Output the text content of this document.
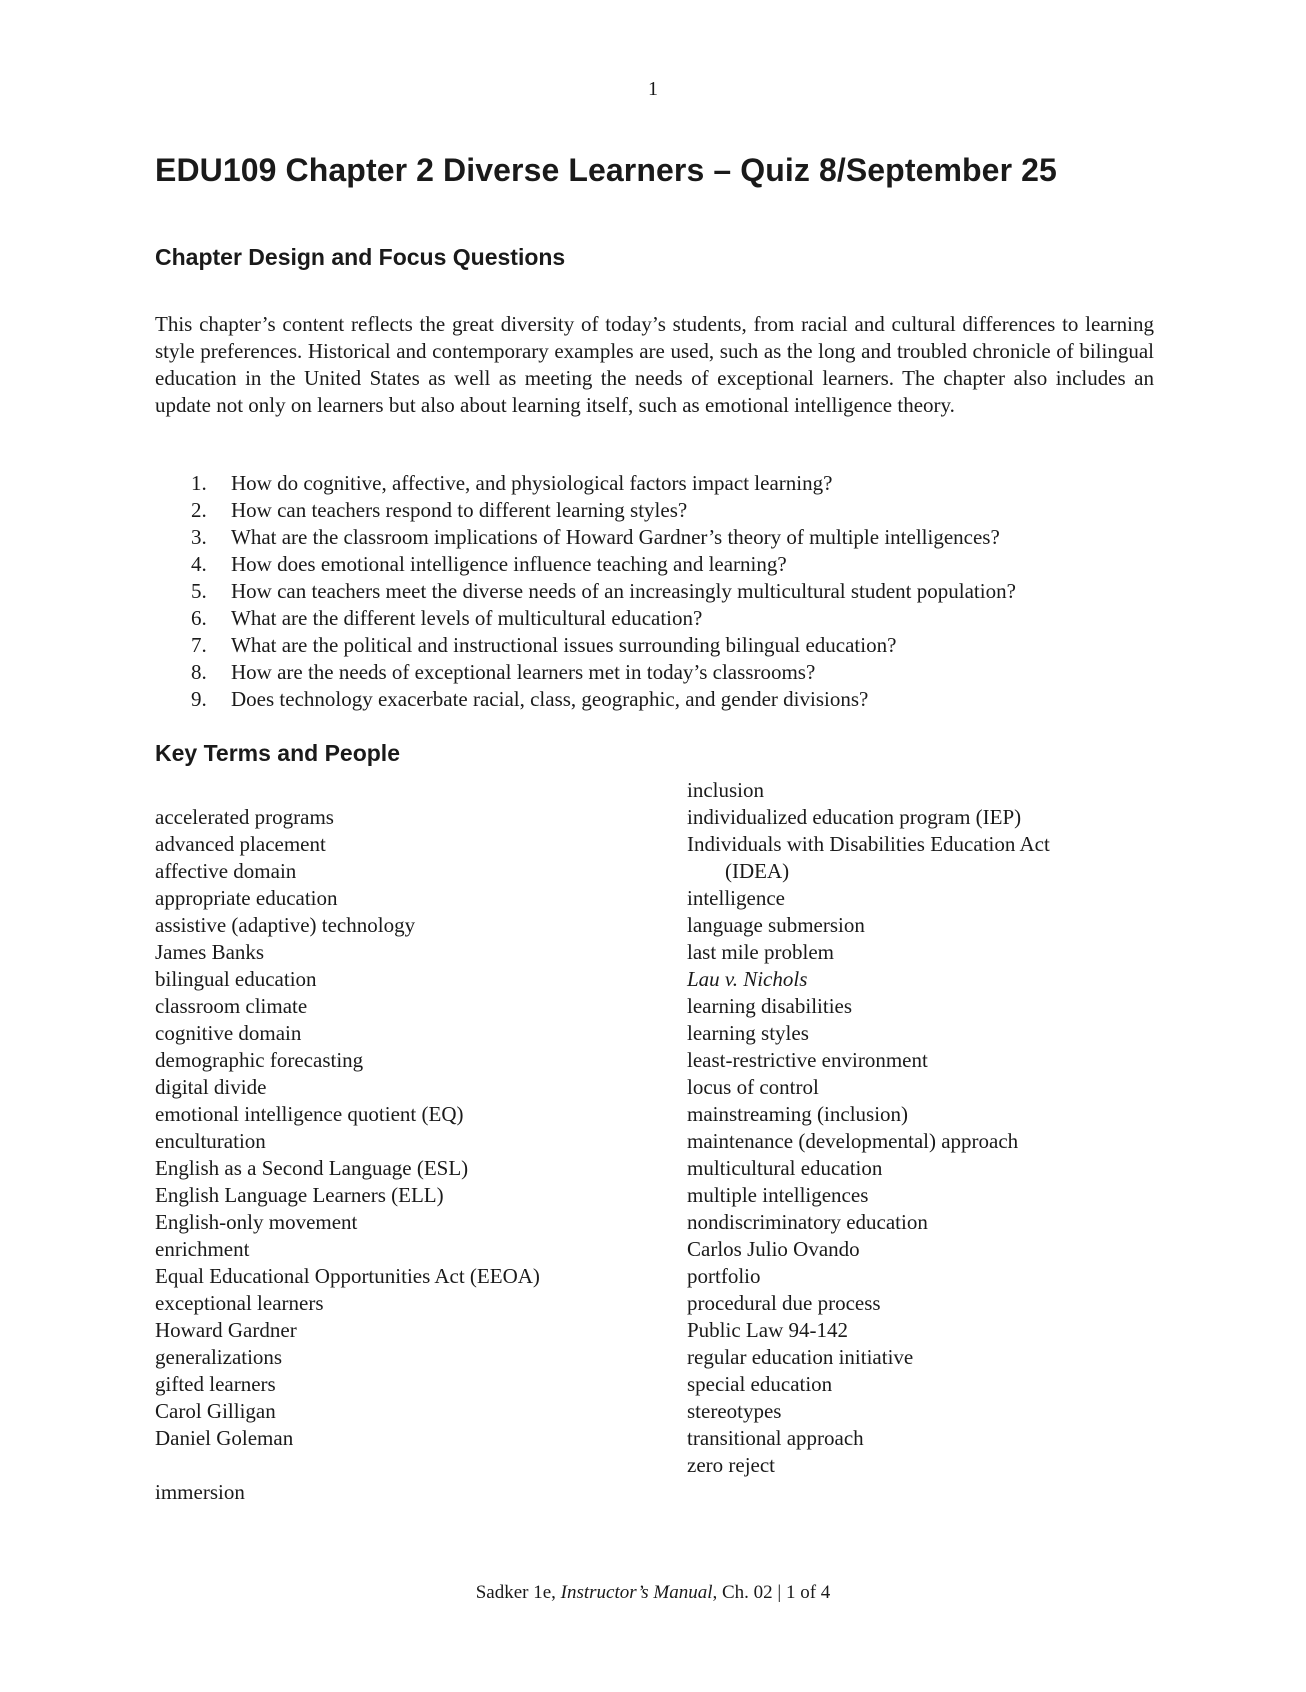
1
EDU109 Chapter 2 Diverse Learners – Quiz 8/September 25
Chapter Design and Focus Questions

This chapter’s content reflects the great diversity of today’s students, from racial and cultural differences to learning style preferences. Historical and contemporary examples are used, such as the long and troubled chronicle of bilingual education in the United States as well as meeting the needs of exceptional learners. The chapter also includes an update not only on learners but also about learning itself, such as emotional intelligence theory.

1.	How do cognitive, affective, and physiological factors impact learning?
2.	How can teachers respond to different learning styles?
3.	What are the classroom implications of Howard Gardner’s theory of multiple intelligences?
4.	How does emotional intelligence influence teaching and learning?
5.	How can teachers meet the diverse needs of an increasingly multicultural student population?
6.	What are the different levels of multicultural education?
7.	What are the political and instructional issues surrounding bilingual education?
8.	How are the needs of exceptional learners met in today’s classrooms?
9.	Does technology exacerbate racial, class, geographic, and gender divisions?
Key Terms and People
accelerated programs
advanced placement
affective domain
appropriate education
assistive (adaptive) technology
James Banks
bilingual education
classroom climate
cognitive domain
demographic forecasting
digital divide
emotional intelligence quotient (EQ)
enculturation
English as a Second Language (ESL)
English Language Learners (ELL)
English-only movement
enrichment
Equal Educational Opportunities Act (EEOA)
exceptional learners
Howard Gardner
generalizations
gifted learners
Carol Gilligan
Daniel Goleman
immersion
inclusion
individualized education program (IEP)
Individuals with Disabilities Education Act
(IDEA)
intelligence
language submersion
last mile problem
Lau v. Nichols
learning disabilities
learning styles
least-restrictive environment
locus of control
mainstreaming (inclusion)
maintenance (developmental) approach
multicultural education
multiple intelligences
nondiscriminatory education
Carlos Julio Ovando
portfolio
procedural due process
Public Law 94-142
regular education initiative
special education
stereotypes
transitional approach
zero reject
Sadker 1e, Instructor’s Manual, Ch. 02 | 1 of 4
